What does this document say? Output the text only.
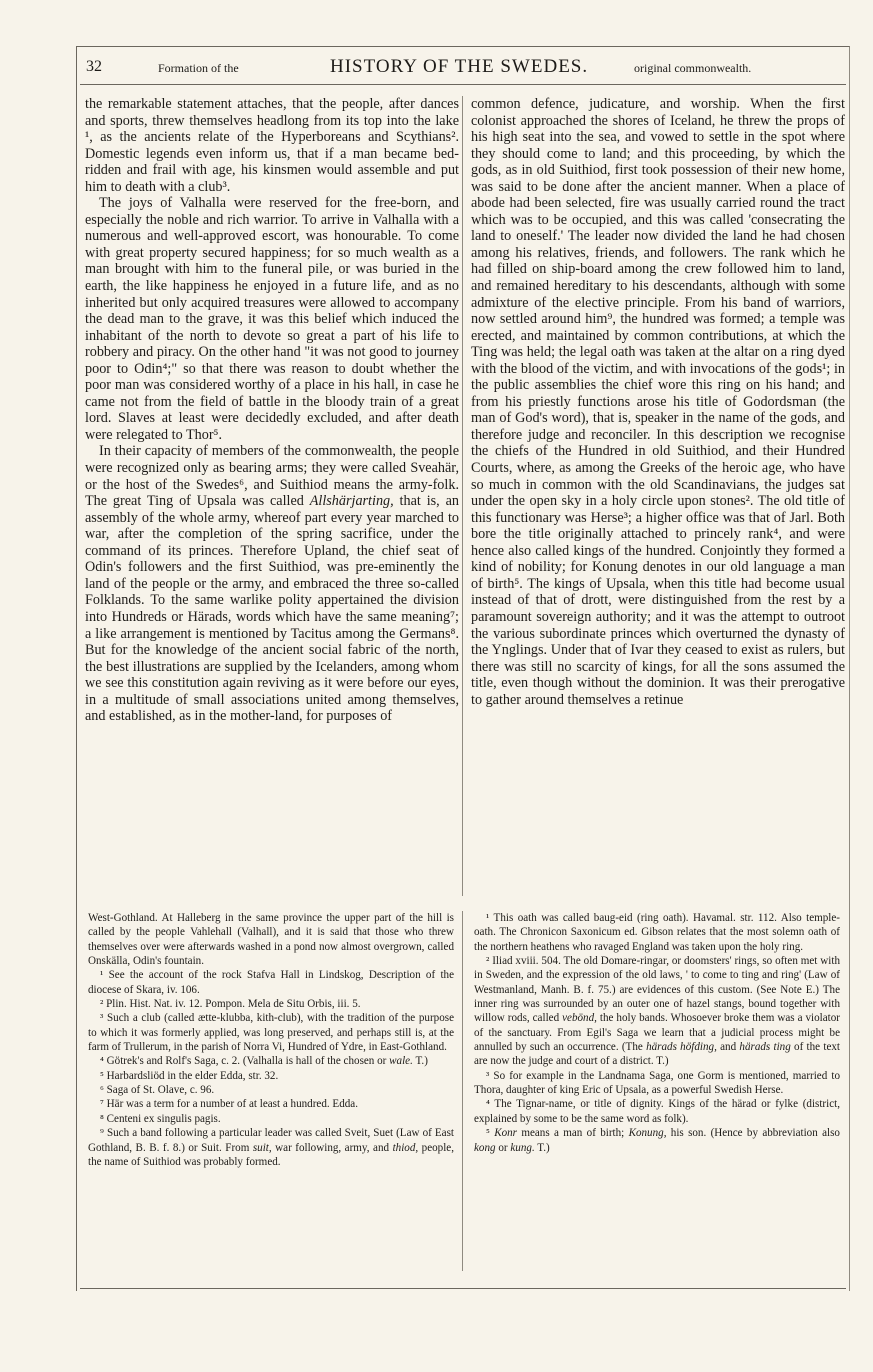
32	Formation of the	HISTORY OF THE SWEDES.	original commonwealth.

the remarkable statement attaches, that the people, after dances and sports, threw themselves headlong from its top into the lake ¹, as the ancients relate of the Hyperboreans and Scythians². Domestic legends even inform us, that if a man became bed-ridden and frail with age, his kinsmen would assemble and put him to death with a club³.

The joys of Valhalla were reserved for the free-born, and especially the noble and rich warrior. To arrive in Valhalla with a numerous and well-approved escort, was honourable. To come with great property secured happiness; for so much wealth as a man brought with him to the funeral pile, or was buried in the earth, the like happiness he enjoyed in a future life, and as no inherited but only acquired treasures were allowed to accompany the dead man to the grave, it was this belief which induced the inhabitant of the north to devote so great a part of his life to robbery and piracy. On the other hand "it was not good to journey poor to Odin⁴;" so that there was reason to doubt whether the poor man was considered worthy of a place in his hall, in case he came not from the field of battle in the bloody train of a great lord. Slaves at least were decidedly excluded, and after death were relegated to Thor⁵.

In their capacity of members of the commonwealth, the people were recognized only as bearing arms; they were called Sveahär, or the host of the Swedes⁶, and Suithiod means the army-folk. The great Ting of Upsala was called Allshärjarting, that is, an assembly of the whole army, whereof part every year marched to war, after the completion of the spring sacrifice, under the command of its princes. Therefore Upland, the chief seat of Odin's followers and the first Suithiod, was pre-eminently the land of the people or the army, and embraced the three so-called Folklands. To the same warlike polity appertained the division into Hundreds or Härads, words which have the same meaning⁷; a like arrangement is mentioned by Tacitus among the Germans⁸. But for the knowledge of the ancient social fabric of the north, the best illustrations are supplied by the Icelanders, among whom we see this constitution again reviving as it were before our eyes, in a multitude of small associations united among themselves, and established, as in the mother-land, for purposes of

common defence, judicature, and worship. When the first colonist approached the shores of Iceland, he threw the props of his high seat into the sea, and vowed to settle in the spot where they should come to land; and this proceeding, by which the gods, as in old Suithiod, first took possession of their new home, was said to be done after the ancient manner. When a place of abode had been selected, fire was usually carried round the tract which was to be occupied, and this was called 'consecrating the land to oneself.' The leader now divided the land he had chosen among his relatives, friends, and followers. The rank which he had filled on ship-board among the crew followed him to land, and remained hereditary to his descendants, although with some admixture of the elective principle. From his band of warriors, now settled around him⁹, the hundred was formed; a temple was erected, and maintained by common contributions, at which the Ting was held; the legal oath was taken at the altar on a ring dyed with the blood of the victim, and with invocations of the gods¹; in the public assemblies the chief wore this ring on his hand; and from his priestly functions arose his title of Godordsman (the man of God's word), that is, speaker in the name of the gods, and therefore judge and reconciler. In this description we recognise the chiefs of the Hundred in old Suithiod, and their Hundred Courts, where, as among the Greeks of the heroic age, who have so much in common with the old Scandinavians, the judges sat under the open sky in a holy circle upon stones². The old title of this functionary was Herse³; a higher office was that of Jarl. Both bore the title originally attached to princely rank⁴, and were hence also called kings of the hundred. Conjointly they formed a kind of nobility; for Konung denotes in our old language a man of birth⁵. The kings of Upsala, when this title had become usual instead of that of drott, were distinguished from the rest by a paramount sovereign authority; and it was the attempt to outroot the various subordinate princes which overturned the dynasty of the Ynglings. Under that of Ivar they ceased to exist as rulers, but there was still no scarcity of kings, for all the sons assumed the title, even though without the dominion. It was their prerogative to gather around themselves a retinue

West-Gothland. At Halleberg in the same province the upper part of the hill is called by the people Vahlehall (Valhall), and it is said that those who threw themselves over were afterwards washed in a pond now almost overgrown, called Onskälla, Odin's fountain.

¹ See the account of the rock Stafva Hall in Lindskog, Description of the diocese of Skara, iv. 106.

² Plin. Hist. Nat. iv. 12. Pompon. Mela de Situ Orbis, iii. 5.

³ Such a club (called ætte-klubba, kith-club), with the tradition of the purpose to which it was formerly applied, was long preserved, and perhaps still is, at the farm of Trullerum, in the parish of Norra Vi, Hundred of Ydre, in East-Gothland.

⁴ Götrek's and Rolf's Saga, c. 2. (Valhalla is hall of the chosen or wale. T.)

⁵ Harbardsliöd in the elder Edda, str. 32.

⁶ Saga of St. Olave, c. 96.

⁷ Här was a term for a number of at least a hundred. Edda.

⁸ Centeni ex singulis pagis.

⁹ Such a band following a particular leader was called Sveit, Suet (Law of East Gothland, B. B. f. 8.) or Suit. From suit, war following, army, and thiod, people, the name of Suithiod was probably formed.

¹ This oath was called baug-eid (ring oath). Havamal. str. 112. Also temple-oath. The Chronicon Saxonicum ed. Gibson relates that the most solemn oath of the northern heathens who ravaged England was taken upon the holy ring.

² Iliad xviii. 504. The old Domare-ringar, or doomsters' rings, so often met with in Sweden, and the expression of the old laws, ' to come to ting and ring' (Law of Westmanland, Manh. B. f. 75.) are evidences of this custom. (See Note E.) The inner ring was surrounded by an outer one of hazel stangs, bound together with willow rods, called vebönd, the holy bands. Whosoever broke them was a violator of the sanctuary. From Egil's Saga we learn that a judicial process might be annulled by such an occurrence. (The härads höfding, and härads ting of the text are now the judge and court of a district. T.)

³ So for example in the Landnama Saga, one Gorm is mentioned, married to Thora, daughter of king Eric of Upsala, as a powerful Swedish Herse.

⁴ The Tignar-name, or title of dignity. Kings of the härad or fylke (district, explained by some to be the same word as folk).

⁵ Konr means a man of birth; Konung, his son. (Hence by abbreviation also kong or kung. T.)
